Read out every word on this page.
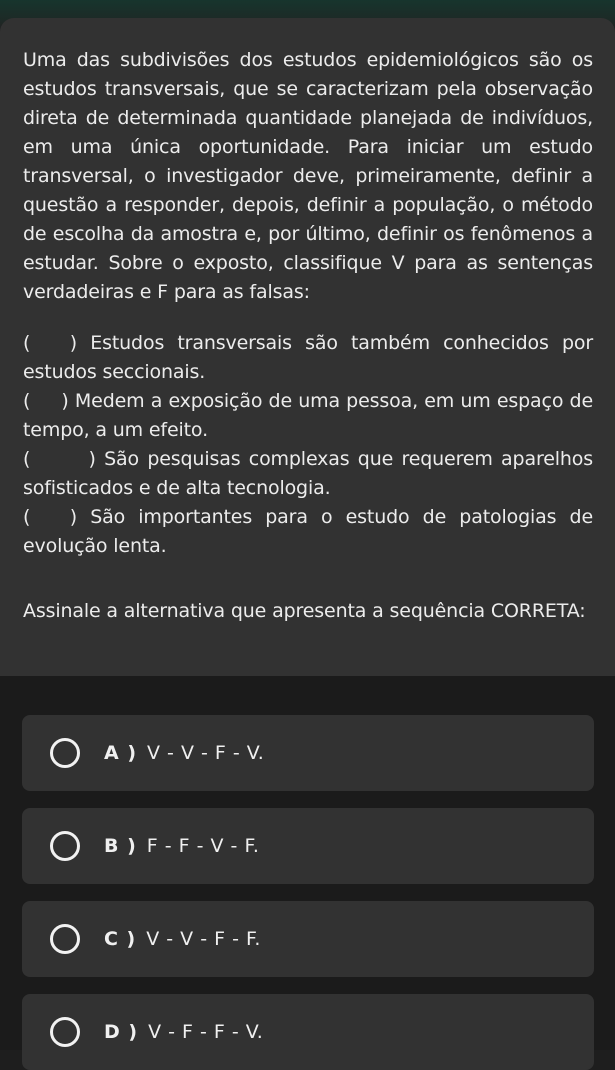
Uma das subdivisões dos estudos epidemiológicos são os estudos transversais, que se caracterizam pela observação direta de determinada quantidade planejada de indivíduos, em uma única oportunidade. Para iniciar um estudo transversal, o investigador deve, primeiramente, definir a questão a responder, depois, definir a população, o método de escolha da amostra e, por último, definir os fenômenos a estudar. Sobre o exposto, classifique V para as sentenças verdadeiras e F para as falsas:

(   ) Estudos transversais são também conhecidos por estudos seccionais.

(     ) Medem a exposição de uma pessoa, em um espaço de tempo, a um efeito.

(       ) São pesquisas complexas que requerem aparelhos sofisticados e de alta tecnologia.

(   ) São importantes para o estudo de patologias de evolução lenta.

Assinale a alternativa que apresenta a sequência CORRETA:

A ) V - V - F - V.
B ) F - F - V - F.
C ) V - V - F - F.
D ) V - F - F - V.
